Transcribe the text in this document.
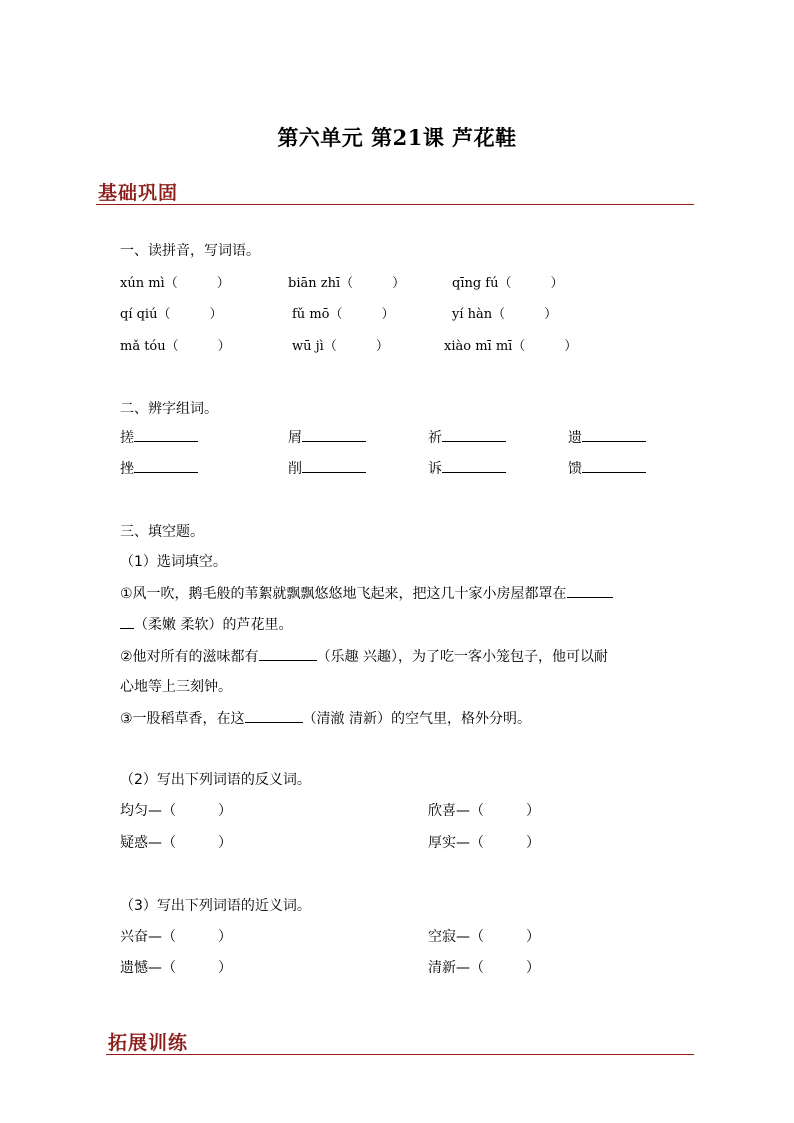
第六单元 第21课 芦花鞋
基础巩固
一、读拼音，写词语。
xún mì（　　　）	biān zhī（　　　）	qīng fú（　　　）
qí qiú（　　　）	fǔ mō（　　　）	yí hàn（　　　）
mǎ tóu（　　　）	wū jì（　　　）	xiào mī mī（　　　）
二、辨字组词。
搓	屑	祈	遗
挫	削	诉	馈
三、填空题。
（1）选词填空。
①风一吹，鹅毛般的苇絮就飘飘悠悠地飞起来，把这几十家小房屋都罩在
（柔嫩 柔软）的芦花里。
②他对所有的滋味都有	（乐趣 兴趣），为了吃一客小笼包子，他可以耐
心地等上三刻钟。
③一股稻草香，在这	（清澈 清新）的空气里，格外分明。
（2）写出下列词语的反义词。
均匀—（　　　）	欣喜—（　　　）
疑惑—（　　　）	厚实—（　　　）
（3）写出下列词语的近义词。
兴奋—（　　　）	空寂—（　　　）
遗憾—（　　　）	清新—（　　　）
拓展训练
